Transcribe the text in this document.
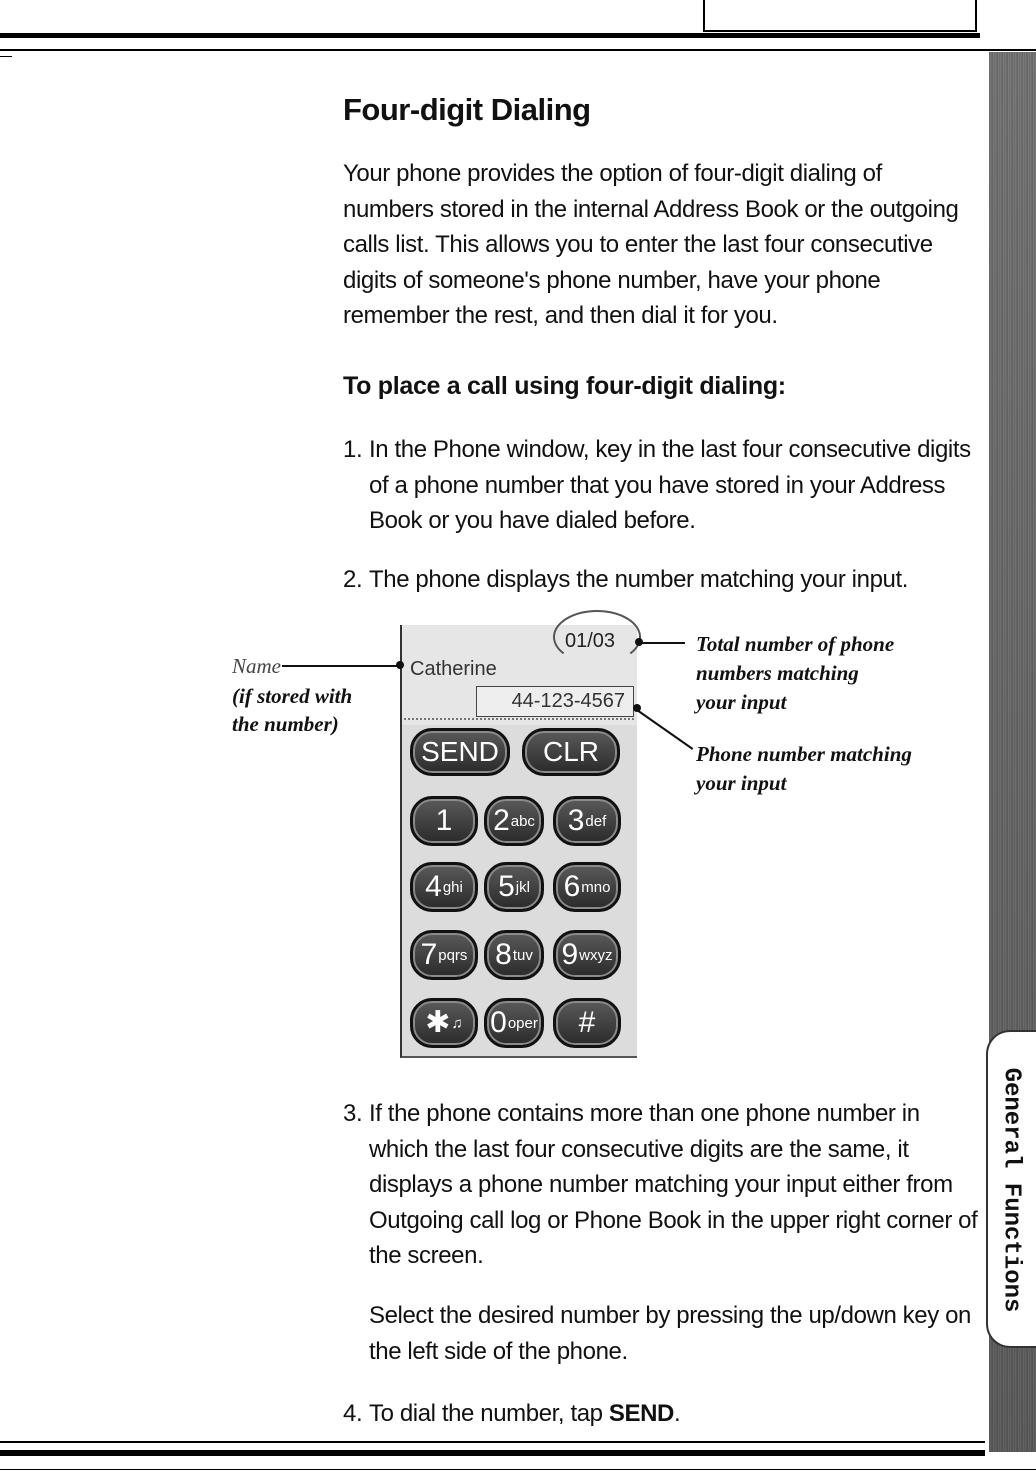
General Functions
Four-digit Dialing

Your phone provides the option of four-digit dialing of numbers stored in the internal Address Book or the outgoing calls list. This allows you to enter the last four consecutive digits of someone's phone number, have your phone remember the rest, and then dial it for you.

To place a call using four-digit dialing:
1. In the Phone window, key in the last four consecutive digits of a phone number that you have stored in your Address Book or you have dialed before.
2. The phone displays the number matching your input.
01/03
Catherine
44-123-4567
SEND CLR
1 2 abc 3 def
4 ghi 5 jkl 6 mno
7 pqrs 8 tuv 9 wxyz
✱ ♫ 0 oper #
Name
(if stored with
the number)
Total number of phone
numbers matching
your input
Phone number matching
your input
3. If the phone contains more than one phone number in which the last four consecutive digits are the same, it displays a phone number matching your input either from Outgoing call log or Phone Book in the upper right corner of the screen.
Select the desired number by pressing the up/down key on the left side of the phone.
4. To dial the number, tap SEND.
